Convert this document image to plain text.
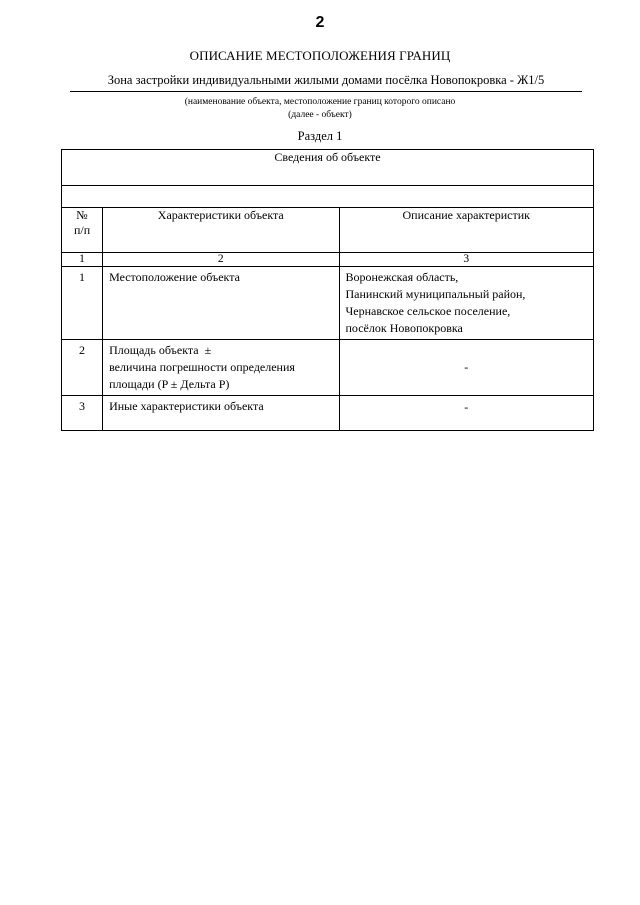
2
ОПИСАНИЕ МЕСТОПОЛОЖЕНИЯ ГРАНИЦ
Зона застройки индивидуальными жилыми домами посёлка Новопокровка - Ж1/5
(наименование объекта, местоположение границ которого описано
(далее - объект)
Раздел 1
Сведения об объекте		

№
п/п	Характеристики объекта	Описание характеристик
1	2	3
1	Местоположение объекта	Воронежская область,
Панинский муниципальный район,
Чернавское сельское поселение,
посёлок Новопокровка

2	Площадь объекта  ±
величина погрешности определения
площади (P ± Дельта P)	-
3	Иные характеристики объекта	-
